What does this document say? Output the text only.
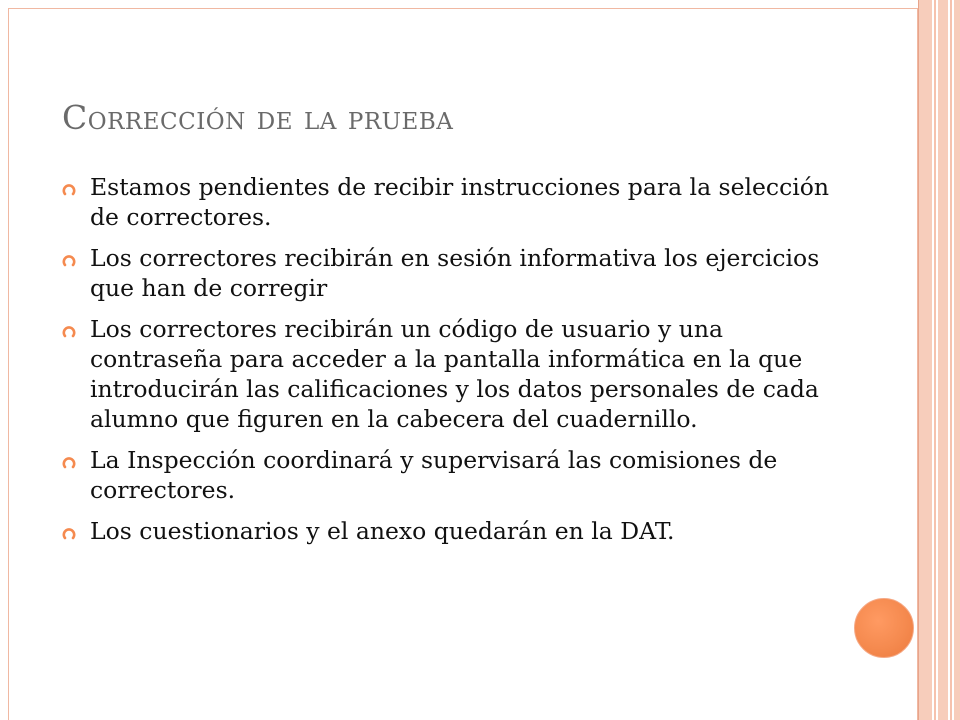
Corrección de la prueba
Estamos pendientes de recibir instrucciones para la selección de correctores.
Los correctores recibirán en sesión informativa los ejercicios que han de corregir
Los correctores recibirán un código de usuario y una contraseña para acceder a la pantalla informática en la que introducirán las calificaciones y los datos personales de cada alumno que figuren en la cabecera del cuadernillo.
La Inspección coordinará y supervisará las comisiones de correctores.
Los cuestionarios y el anexo quedarán en la DAT.
